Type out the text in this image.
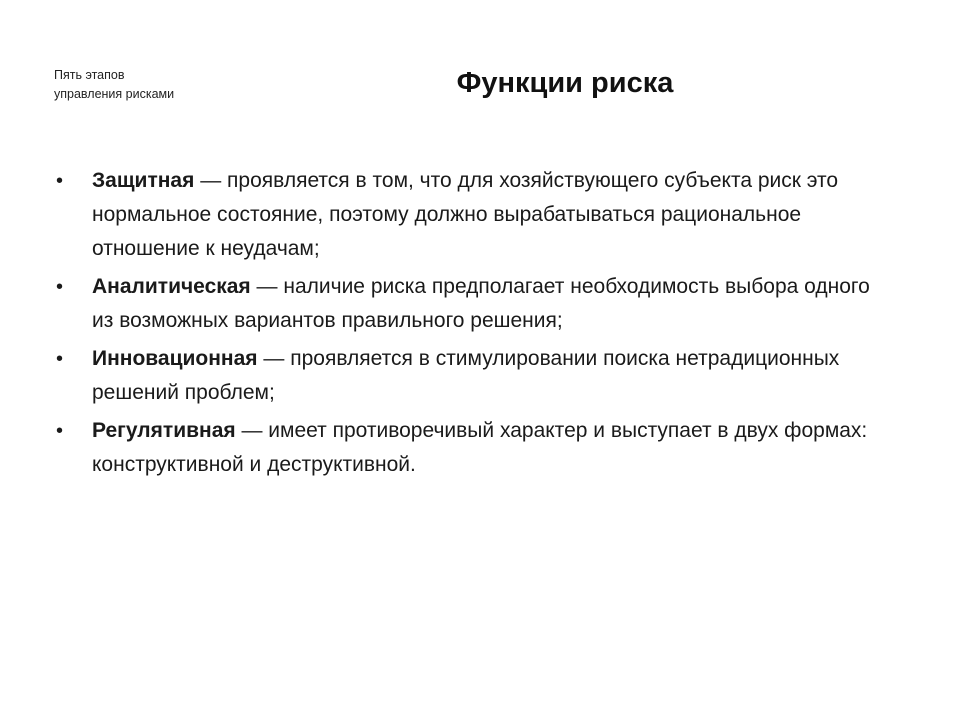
Пять этапов
управления рисками	Функции риска
•	Защитная — проявляется в том, что для хозяйствующего субъекта риск это нормальное состояние, поэтому должно вырабатываться рациональное отношение к неудачам;
•	Аналитическая — наличие риска предполагает необходимость выбора одного из возможных вариантов правильного решения;
•	Инновационная — проявляется в стимулировании поиска нетрадиционных решений проблем;
•	Регулятивная — имеет противоречивый характер и выступает в двух формах: конструктивной и деструктивной.
